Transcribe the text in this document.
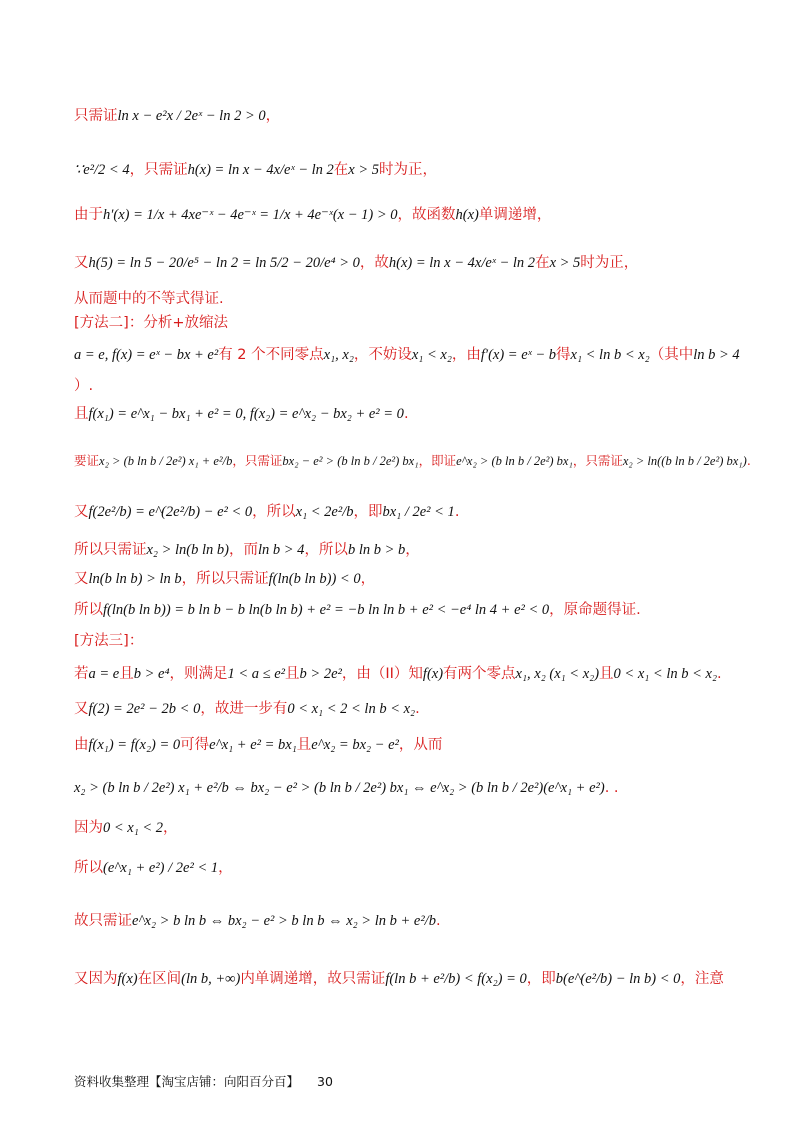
只需证ln x − e²x / 2eˣ − ln 2 > 0，
∵e²/2 < 4，只需证h(x) = ln x − 4x/eˣ − ln 2在x > 5时为正，
由于h′(x) = 1/x + 4xe⁻ˣ − 4e⁻ˣ = 1/x + 4e⁻ˣ(x − 1) > 0，故函数h(x)单调递增，
又h(5) = ln 5 − 20/e⁵ − ln 2 = ln 5/2 − 20/e⁴ > 0，故h(x) = ln x − 4x/eˣ − ln 2在x > 5时为正，
从而题中的不等式得证.
[方法二]：分析+放缩法
a = e, f(x) = eˣ − bx + e²有 2 个不同零点x₁, x₂，不妨设x₁ < x₂，由f′(x) = eˣ − b得x₁ < ln b < x₂（其中ln b > 4
）.
且f(x₁) = e^x₁ − bx₁ + e² = 0, f(x₂) = e^x₂ − bx₂ + e² = 0.
要证x₂ > (b ln b / 2e²) x₁ + e²/b，只需证bx₂ − e² > (b ln b / 2e²) bx₁，即证e^x₂ > (b ln b / 2e²) bx₁，只需证x₂ > ln((b ln b / 2e²) bx₁).
又f(2e²/b) = e^(2e²/b) − e² < 0，所以x₁ < 2e²/b，即bx₁ / 2e² < 1.
所以只需证x₂ > ln(b ln b)，而ln b > 4，所以b ln b > b，
又ln(b ln b) > ln b，所以只需证f(ln(b ln b)) < 0，
所以f(ln(b ln b)) = b ln b − b ln(b ln b) + e² = −b ln ln b + e² < −e⁴ ln 4 + e² < 0，原命题得证.
[方法三]：
若a = e且b > e⁴，则满足1 < a ≤ e²且b > 2e²，由（II）知f(x)有两个零点x₁, x₂ (x₁ < x₂)且0 < x₁ < ln b < x₂.
又f(2) = 2e² − 2b < 0，故进一步有0 < x₁ < 2 < ln b < x₂.
由f(x₁) = f(x₂) = 0可得e^x₁ + e² = bx₁且e^x₂ = bx₂ − e²，从而
x₂ > (b ln b / 2e²) x₁ + e²/b ⇔ bx₂ − e² > (b ln b / 2e²) bx₁ ⇔ e^x₂ > (b ln b / 2e²)(e^x₁ + e²). .
因为0 < x₁ < 2，
所以(e^x₁ + e²) / 2e² < 1，
故只需证e^x₂ > b ln b ⇔ bx₂ − e² > b ln b ⇔ x₂ > ln b + e²/b.
又因为f(x)在区间(ln b, +∞)内单调递增，故只需证f(ln b + e²/b) < f(x₂) = 0，即b(e^(e²/b) − ln b) < 0，注意
资料收集整理【淘宝店铺：向阳百分百】 30
